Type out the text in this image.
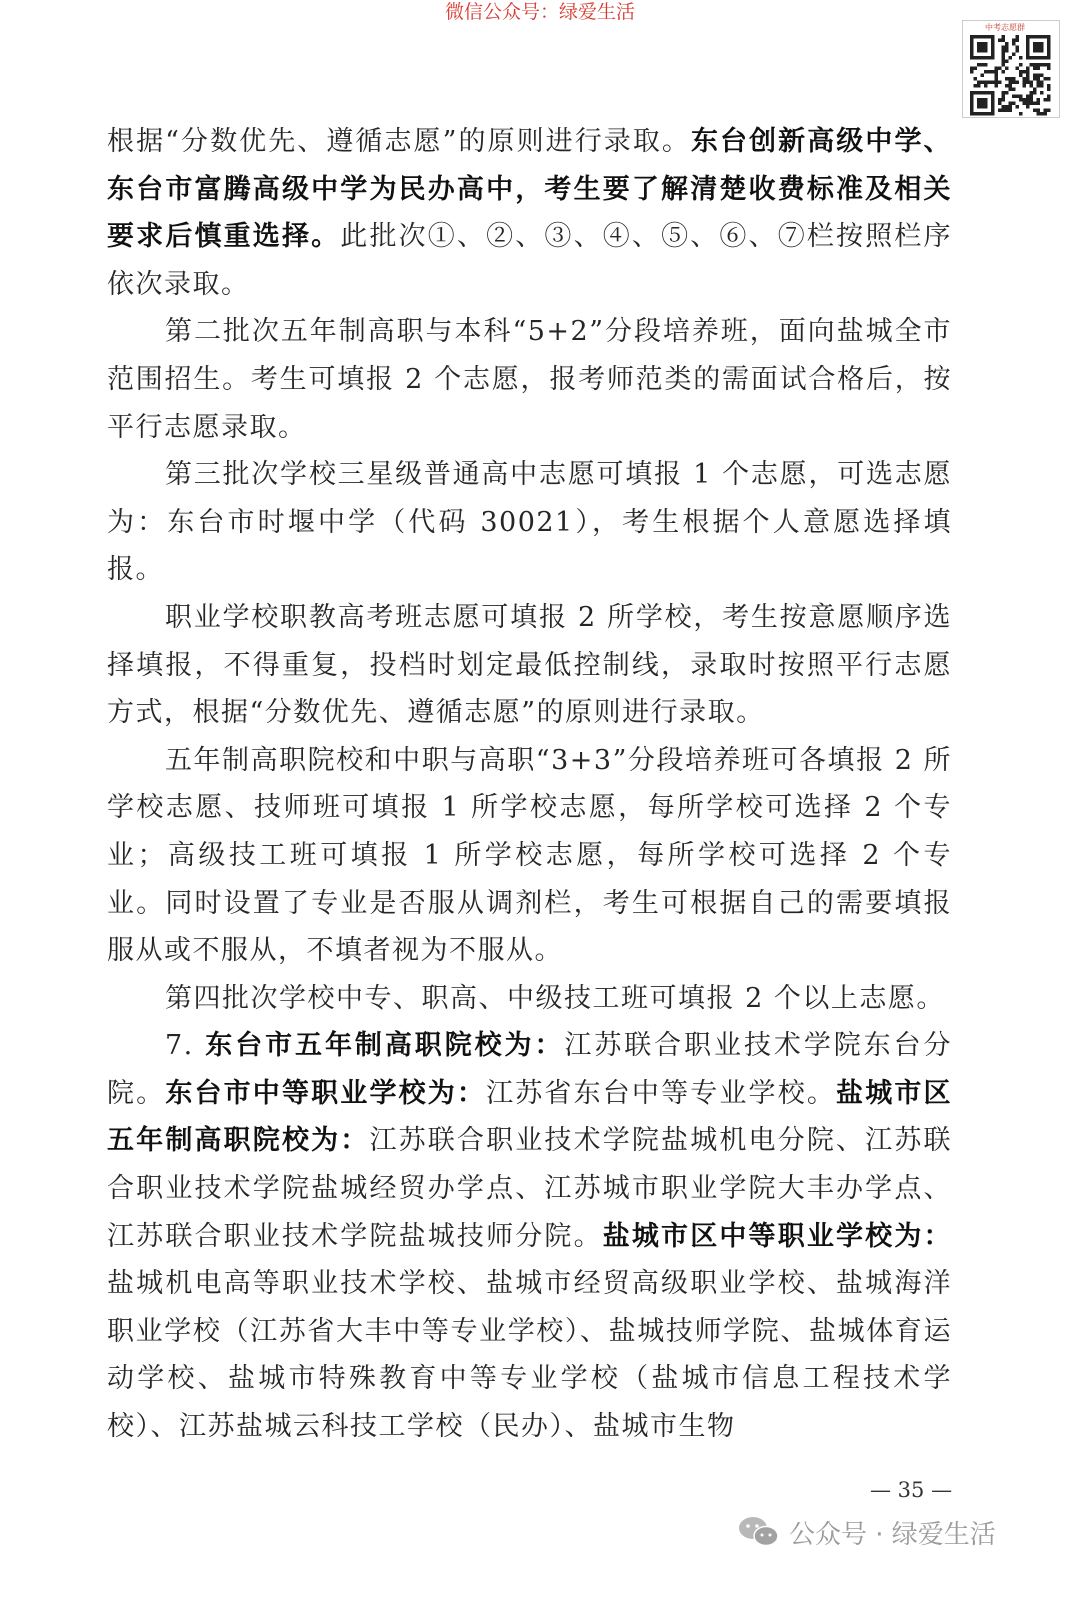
微信公众号：绿爱生活
中考志愿群

根据“分数优先、遵循志愿”的原则进行录取。东台创新高级中学、东台市富腾高级中学为民办高中，考生要了解清楚收费标准及相关要求后慎重选择。此批次①、②、③、④、⑤、⑥、⑦栏按照栏序依次录取。

第二批次五年制高职与本科“5+2”分段培养班，面向盐城全市范围招生。考生可填报 2 个志愿，报考师范类的需面试合格后，按平行志愿录取。

第三批次学校三星级普通高中志愿可填报 1 个志愿，可选志愿为：东台市时堰中学（代码 30021），考生根据个人意愿选择填报。

职业学校职教高考班志愿可填报 2 所学校，考生按意愿顺序选择填报，不得重复，投档时划定最低控制线，录取时按照平行志愿方式，根据“分数优先、遵循志愿”的原则进行录取。

五年制高职院校和中职与高职“3+3”分段培养班可各填报 2 所学校志愿、技师班可填报 1 所学校志愿，每所学校可选择 2 个专业；高级技工班可填报 1 所学校志愿，每所学校可选择 2 个专业。同时设置了专业是否服从调剂栏，考生可根据自己的需要填报服从或不服从，不填者视为不服从。

第四批次学校中专、职高、中级技工班可填报 2 个以上志愿。

7. 东台市五年制高职院校为：江苏联合职业技术学院东台分院。东台市中等职业学校为：江苏省东台中等专业学校。盐城市区五年制高职院校为：江苏联合职业技术学院盐城机电分院、江苏联合职业技术学院盐城经贸办学点、江苏城市职业学院大丰办学点、江苏联合职业技术学院盐城技师分院。盐城市区中等职业学校为：盐城机电高等职业技术学校、盐城市经贸高级职业学校、盐城海洋职业学校（江苏省大丰中等专业学校）、盐城技师学院、盐城体育运动学校、盐城市特殊教育中等专业学校（盐城市信息工程技术学校）、江苏盐城云科技工学校（民办）、盐城市生物

— 35 —
公众号 · 绿爱生活
